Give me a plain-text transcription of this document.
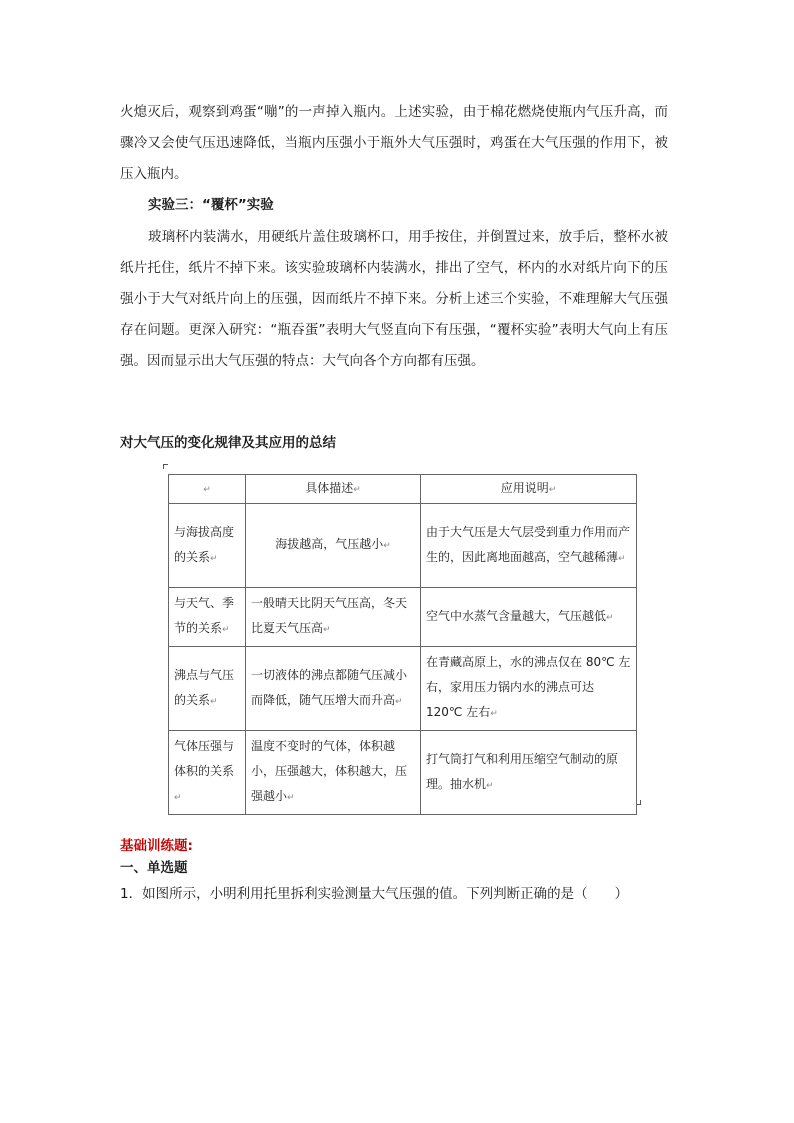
火熄灭后，观察到鸡蛋“嘣”的一声掉入瓶内。上述实验，由于棉花燃烧使瓶内气压升高，而骤冷又会使气压迅速降低，当瓶内压强小于瓶外大气压强时，鸡蛋在大气压强的作用下，被压入瓶内。

实验三：“覆杯”实验

玻璃杯内装满水，用硬纸片盖住玻璃杯口，用手按住，并倒置过来，放手后，整杯水被纸片托住，纸片不掉下来。该实验玻璃杯内装满水，排出了空气，杯内的水对纸片向下的压强小于大气对纸片向上的压强，因而纸片不掉下来。分析上述三个实验，不难理解大气压强存在问题。更深入研究：“瓶吞蛋”表明大气竖直向下有压强，“覆杯实验”表明大气向上有压强。因而显示出大气压强的特点：大气向各个方向都有压强。

对大气压的变化规律及其应用的总结

↵	具体描述↵	应用说明↵
与海拔高度的关系↵	海拔越高，气压越小↵	由于大气压是大气层受到重力作用而产生的，因此离地面越高，空气越稀薄↵
与天气、季节的关系↵	一般晴天比阴天气压高，冬天比夏天气压高↵	空气中水蒸气含量越大，气压越低↵
沸点与气压的关系↵	一切液体的沸点都随气压减小而降低，随气压增大而升高↵	在青藏高原上，水的沸点仅在 80℃ 左右，家用压力锅内水的沸点可达 120℃ 左右↵
气体压强与体积的关系↵	温度不变时的气体，体积越小，压强越大，体积越大，压强越小↵	打气筒打气和利用压缩空气制动的原理。抽水机↵

基础训练题:

一、单选题

1．如图所示，小明利用托里拆利实验测量大气压强的值。下列判断正确的是（　　）
